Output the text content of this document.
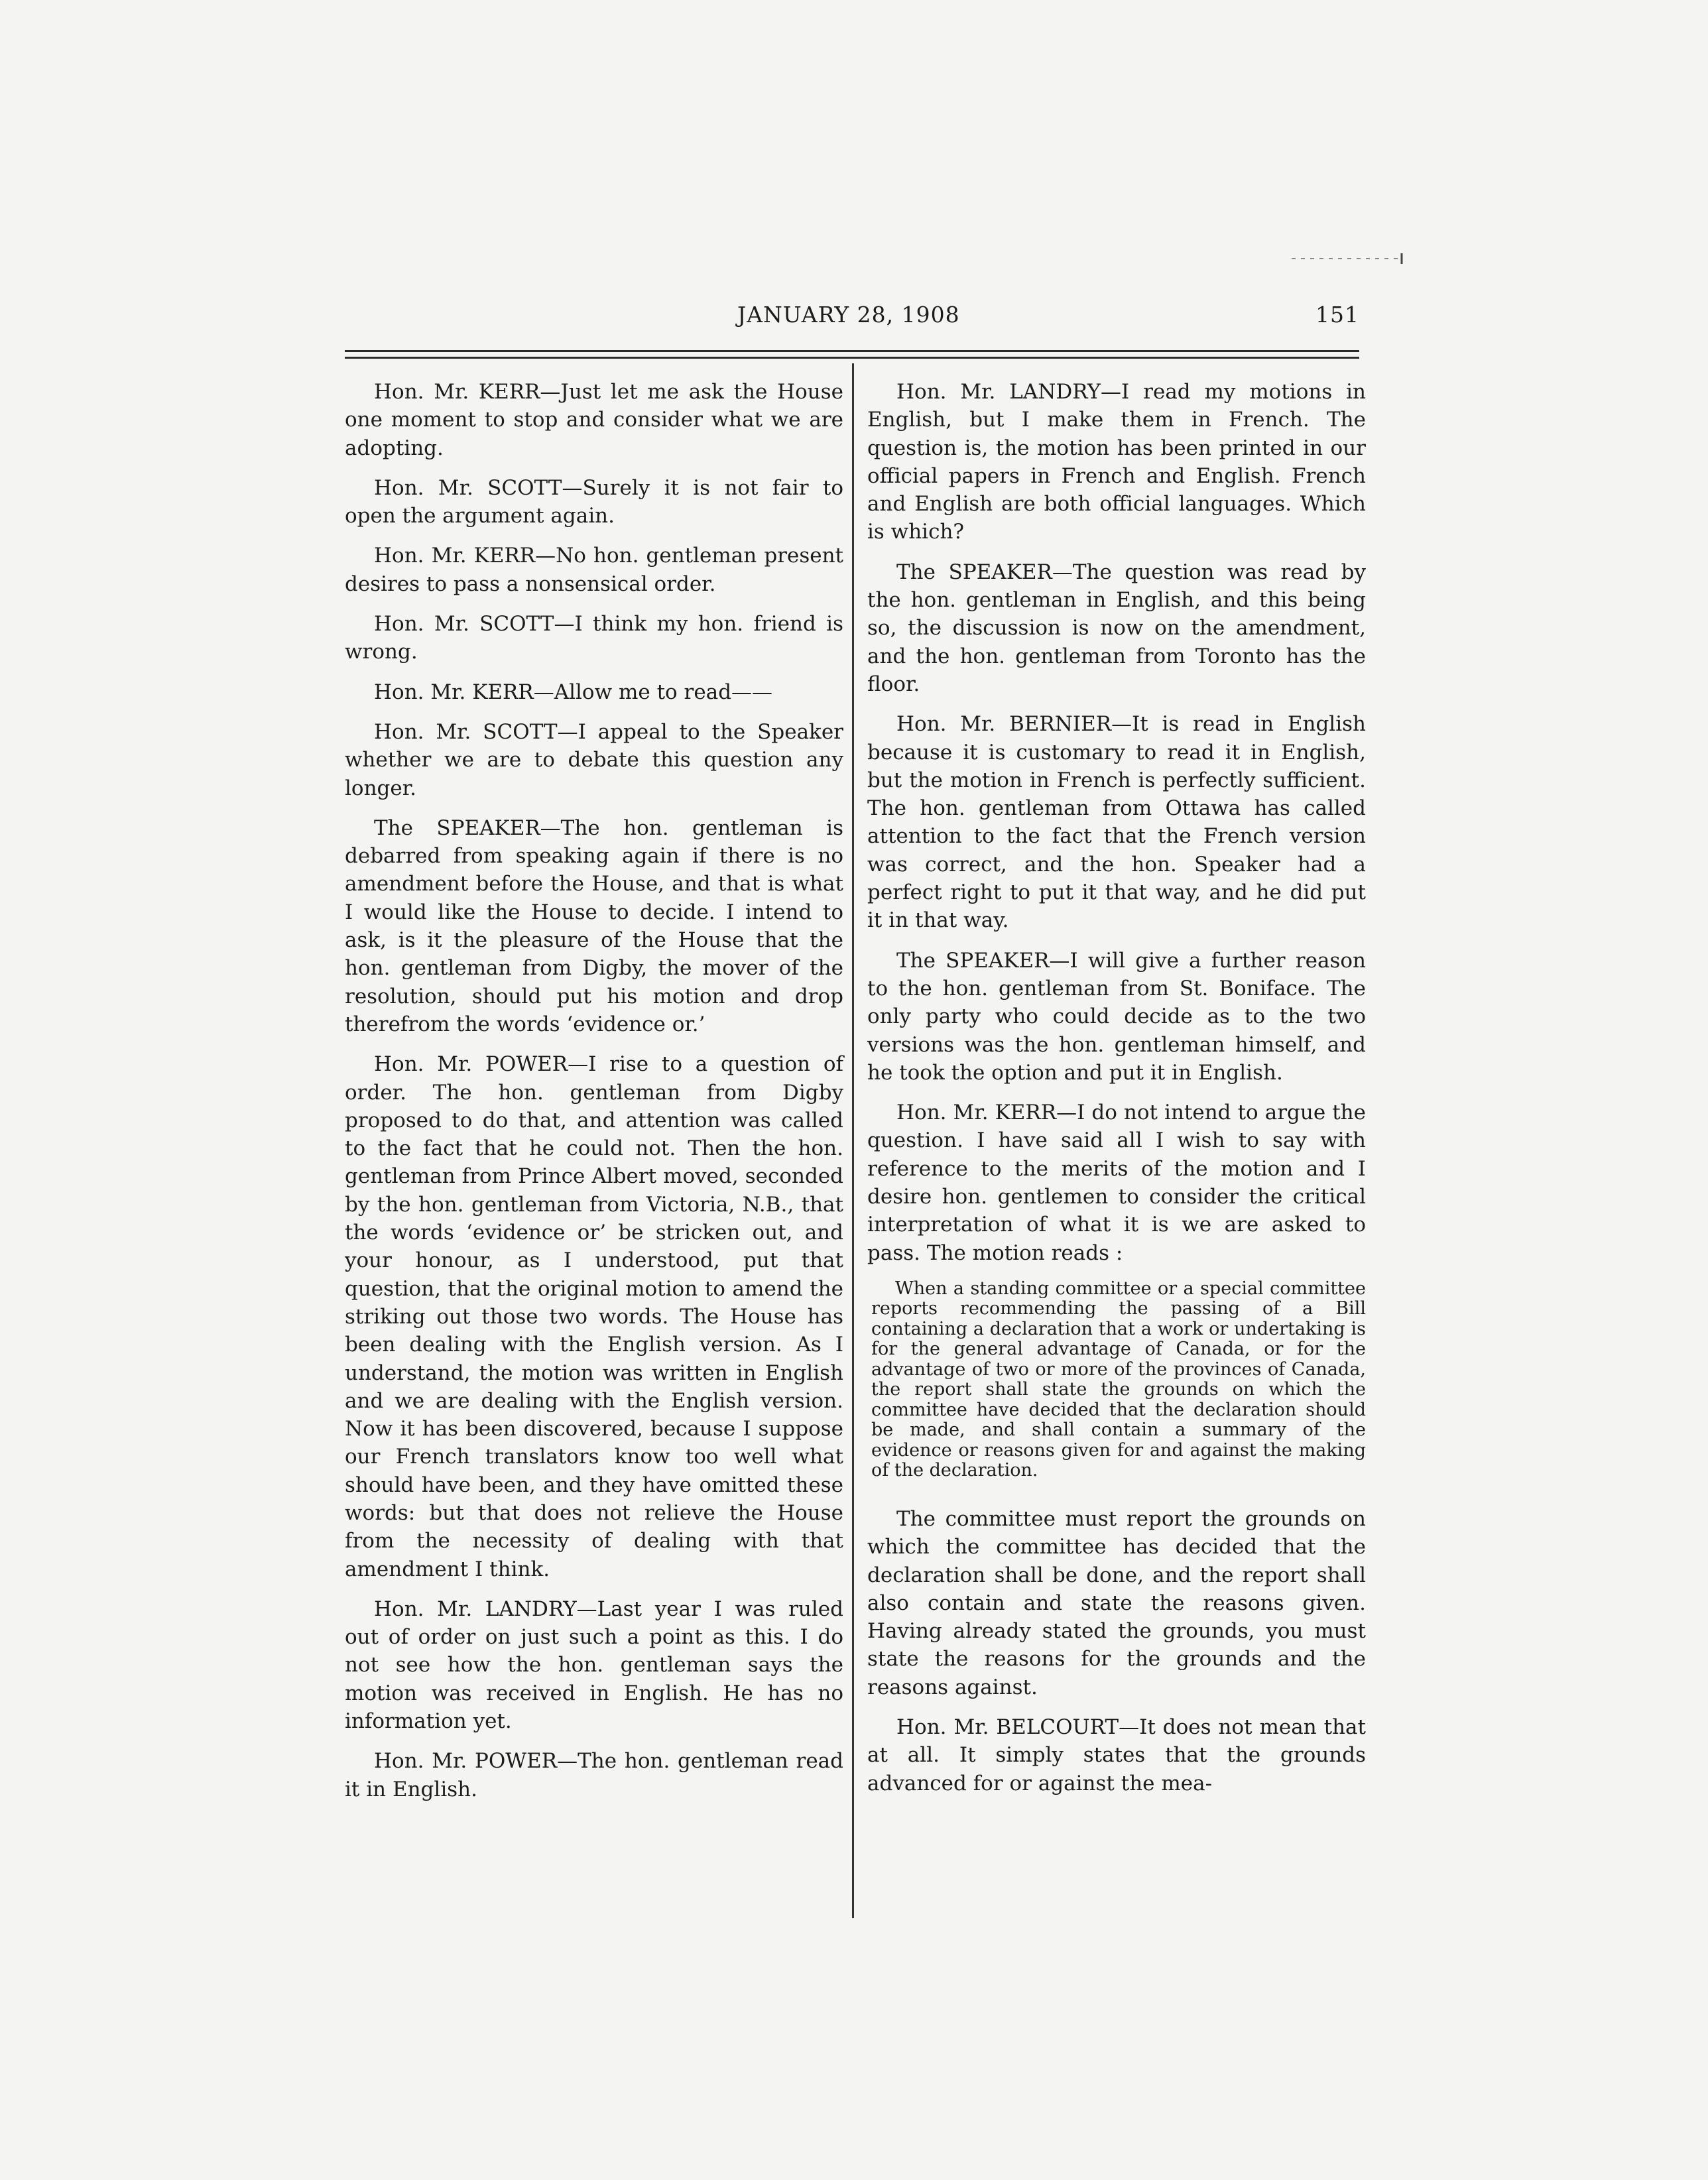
JANUARY 28, 1908	151

Hon. Mr. KERR—Just let me ask the House one moment to stop and consider what we are adopting.

Hon. Mr. SCOTT—Surely it is not fair to open the argument again.

Hon. Mr. KERR—No hon. gentleman present desires to pass a nonsensical order.

Hon. Mr. SCOTT—I think my hon. friend is wrong.

Hon. Mr. KERR—Allow me to read——

Hon. Mr. SCOTT—I appeal to the Speaker whether we are to debate this question any longer.

The SPEAKER—The hon. gentleman is debarred from speaking again if there is no amendment before the House, and that is what I would like the House to decide. I intend to ask, is it the pleasure of the House that the hon. gentleman from Digby, the mover of the resolution, should put his motion and drop therefrom the words ‘evidence or.’

Hon. Mr. POWER—I rise to a question of order. The hon. gentleman from Digby proposed to do that, and attention was called to the fact that he could not. Then the hon. gentleman from Prince Albert moved, seconded by the hon. gentleman from Victoria, N.B., that the words ‘evidence or’ be stricken out, and your honour, as I understood, put that question, that the original motion to amend the striking out those two words. The House has been dealing with the English version. As I understand, the motion was written in English and we are dealing with the English version. Now it has been discovered, because I suppose our French translators know too well what should have been, and they have omitted these words: but that does not relieve the House from the necessity of dealing with that amendment I think.

Hon. Mr. LANDRY—Last year I was ruled out of order on just such a point as this. I do not see how the hon. gentleman says the motion was received in English. He has no information yet.

Hon. Mr. POWER—The hon. gentleman read it in English.

Hon. Mr. LANDRY—I read my motions in English, but I make them in French. The question is, the motion has been printed in our official papers in French and English. French and English are both official languages. Which is which?

The SPEAKER—The question was read by the hon. gentleman in English, and this being so, the discussion is now on the amendment, and the hon. gentleman from Toronto has the floor.

Hon. Mr. BERNIER—It is read in English because it is customary to read it in English, but the motion in French is perfectly sufficient. The hon. gentleman from Ottawa has called attention to the fact that the French version was correct, and the hon. Speaker had a perfect right to put it that way, and he did put it in that way.

The SPEAKER—I will give a further reason to the hon. gentleman from St. Boniface. The only party who could decide as to the two versions was the hon. gentleman himself, and he took the option and put it in English.

Hon. Mr. KERR—I do not intend to argue the question. I have said all I wish to say with reference to the merits of the motion and I desire hon. gentlemen to consider the critical interpretation of what it is we are asked to pass. The motion reads :

When a standing committee or a special committee reports recommending the passing of a Bill containing a declaration that a work or undertaking is for the general advantage of Canada, or for the advantage of two or more of the provinces of Canada, the report shall state the grounds on which the committee have decided that the declaration should be made, and shall contain a summary of the evidence or reasons given for and against the making of the declaration.

The committee must report the grounds on which the committee has decided that the declaration shall be done, and the report shall also contain and state the reasons given. Having already stated the grounds, you must state the reasons for the grounds and the reasons against.

Hon. Mr. BELCOURT—It does not mean that at all. It simply states that the grounds advanced for or against the mea-
